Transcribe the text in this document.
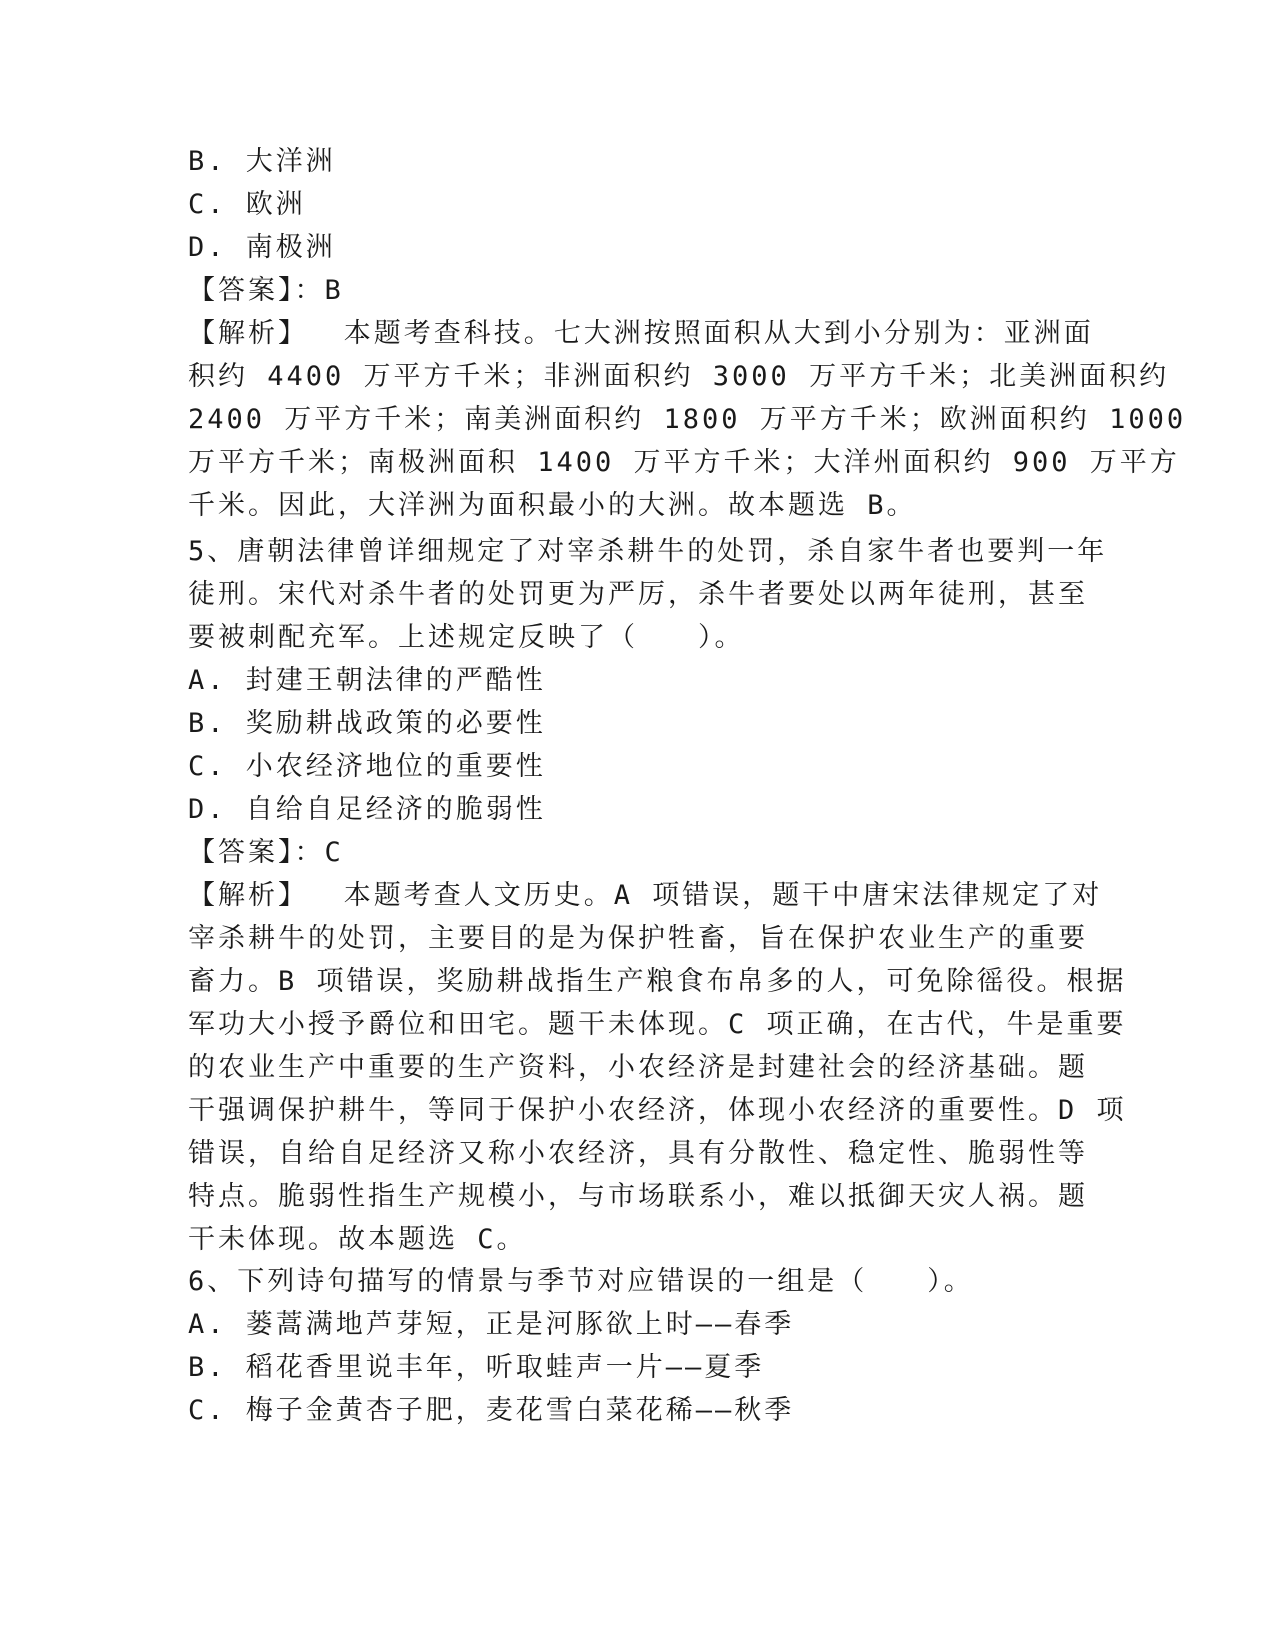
B. 大洋洲
C. 欧洲
D. 南极洲
【答案】：B
【解析】　 本题考查科技。七大洲按照面积从大到小分别为：亚洲面
积约 4400 万平方千米；非洲面积约 3000 万平方千米；北美洲面积约
2400 万平方千米；南美洲面积约 1800 万平方千米；欧洲面积约 1000
万平方千米；南极洲面积 1400 万平方千米；大洋州面积约 900 万平方
千米。因此，大洋洲为面积最小的大洲。故本题选 B。
5、唐朝法律曾详细规定了对宰杀耕牛的处罚，杀自家牛者也要判一年
徒刑。宋代对杀牛者的处罚更为严厉，杀牛者要处以两年徒刑，甚至
要被刺配充军。上述规定反映了（　　）。
A. 封建王朝法律的严酷性
B. 奖励耕战政策的必要性
C. 小农经济地位的重要性
D. 自给自足经济的脆弱性
【答案】：C
【解析】　 本题考查人文历史。A 项错误，题干中唐宋法律规定了对
宰杀耕牛的处罚，主要目的是为保护牲畜，旨在保护农业生产的重要
畜力。B 项错误，奖励耕战指生产粮食布帛多的人，可免除徭役。根据
军功大小授予爵位和田宅。题干未体现。C 项正确，在古代，牛是重要
的农业生产中重要的生产资料，小农经济是封建社会的经济基础。题
干强调保护耕牛，等同于保护小农经济，体现小农经济的重要性。D 项
错误，自给自足经济又称小农经济，具有分散性、稳定性、脆弱性等
特点。脆弱性指生产规模小，与市场联系小，难以抵御天灾人祸。题
干未体现。故本题选 C。
6、下列诗句描写的情景与季节对应错误的一组是（　　）。
A. 蒌蒿满地芦芽短，正是河豚欲上时——春季
B. 稻花香里说丰年，听取蛙声一片——夏季
C. 梅子金黄杏子肥，麦花雪白菜花稀——秋季
